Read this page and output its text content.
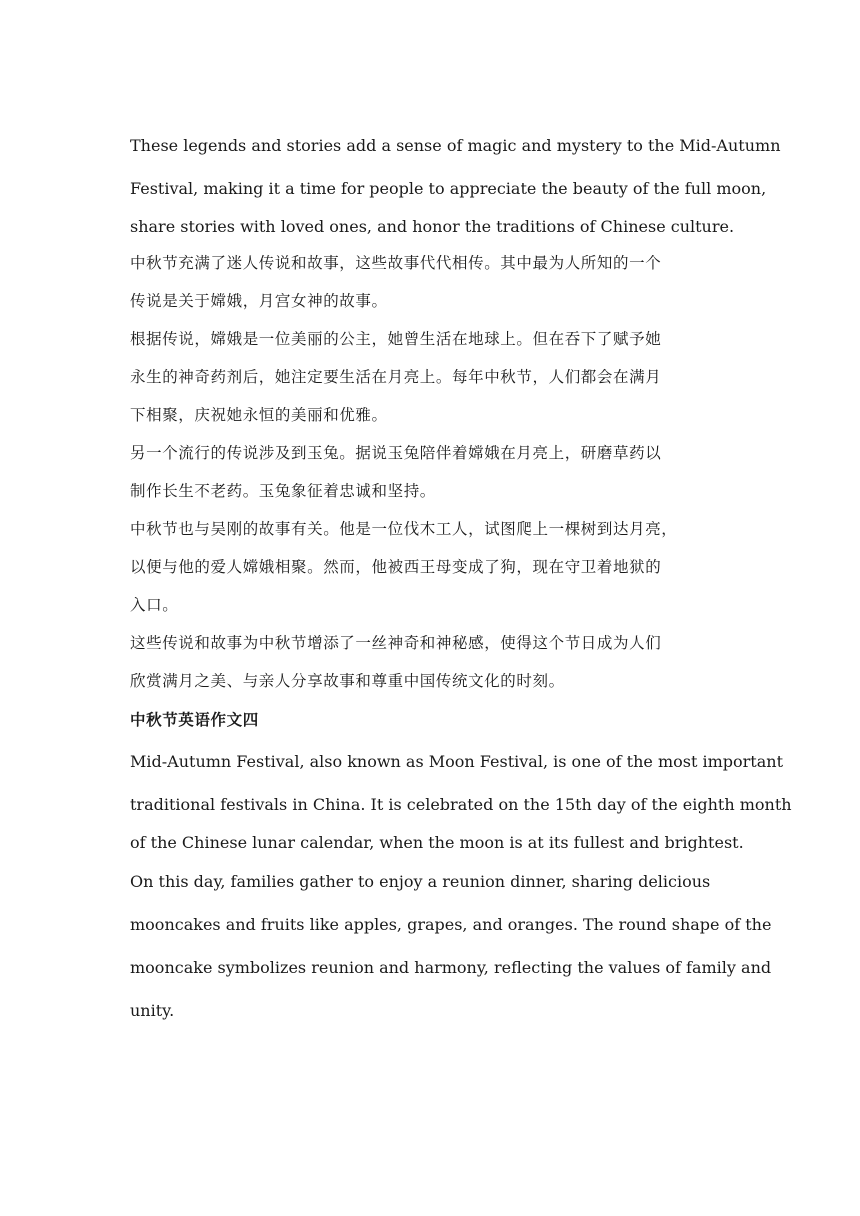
These legends and stories add a sense of magic and mystery to the Mid-Autumn
Festival, making it a time for people to appreciate the beauty of the full moon,
share stories with loved ones, and honor the traditions of Chinese culture.
中秋节充满了迷人传说和故事，这些故事代代相传。其中最为人所知的一个
传说是关于嫦娥，月宫女神的故事。
根据传说，嫦娥是一位美丽的公主，她曾生活在地球上。但在吞下了赋予她
永生的神奇药剂后，她注定要生活在月亮上。每年中秋节，人们都会在满月
下相聚，庆祝她永恒的美丽和优雅。
另一个流行的传说涉及到玉兔。据说玉兔陪伴着嫦娥在月亮上，研磨草药以
制作长生不老药。玉兔象征着忠诚和坚持。
中秋节也与吴刚的故事有关。他是一位伐木工人，试图爬上一棵树到达月亮，
以便与他的爱人嫦娥相聚。然而，他被西王母变成了狗，现在守卫着地狱的
入口。
这些传说和故事为中秋节增添了一丝神奇和神秘感，使得这个节日成为人们
欣赏满月之美、与亲人分享故事和尊重中国传统文化的时刻。
中秋节英语作文四
Mid-Autumn Festival, also known as Moon Festival, is one of the most important
traditional festivals in China. It is celebrated on the 15th day of the eighth month
of the Chinese lunar calendar, when the moon is at its fullest and brightest.
On this day, families gather to enjoy a reunion dinner, sharing delicious
mooncakes and fruits like apples, grapes, and oranges. The round shape of the
mooncake symbolizes reunion and harmony, reflecting the values of family and
unity.
